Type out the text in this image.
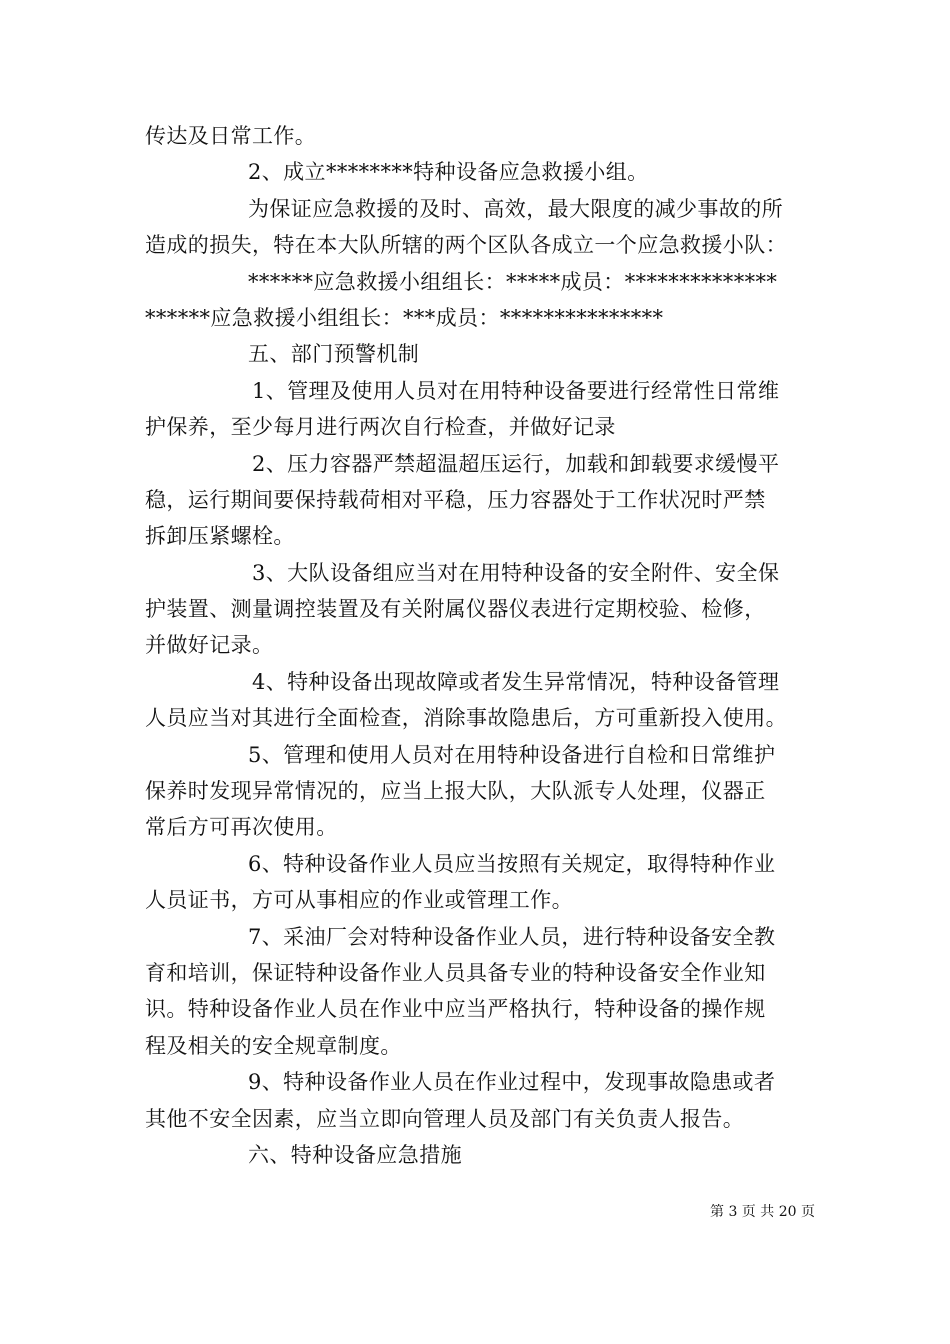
传达及日常工作。
2、成立********特种设备应急救援小组。
为保证应急救援的及时、高效，最大限度的减少事故的所
造成的损失，特在本大队所辖的两个区队各成立一个应急救援小队：
******应急救援小组组长：*****成员：**************
******应急救援小组组长：***成员：***************
五、部门预警机制
1、管理及使用人员对在用特种设备要进行经常性日常维
护保养，至少每月进行两次自行检查，并做好记录
2、压力容器严禁超温超压运行，加载和卸载要求缓慢平
稳，运行期间要保持载荷相对平稳，压力容器处于工作状况时严禁
拆卸压紧螺栓。
3、大队设备组应当对在用特种设备的安全附件、安全保
护装置、测量调控装置及有关附属仪器仪表进行定期校验、检修，
并做好记录。
4、特种设备出现故障或者发生异常情况，特种设备管理
人员应当对其进行全面检查，消除事故隐患后，方可重新投入使用。
5、管理和使用人员对在用特种设备进行自检和日常维护
保养时发现异常情况的，应当上报大队，大队派专人处理，仪器正
常后方可再次使用。
6、特种设备作业人员应当按照有关规定，取得特种作业
人员证书，方可从事相应的作业或管理工作。
7、采油厂会对特种设备作业人员，进行特种设备安全教
育和培训，保证特种设备作业人员具备专业的特种设备安全作业知
识。特种设备作业人员在作业中应当严格执行，特种设备的操作规
程及相关的安全规章制度。
9、特种设备作业人员在作业过程中，发现事故隐患或者
其他不安全因素，应当立即向管理人员及部门有关负责人报告。
六、特种设备应急措施
第 3 页 共 20 页
